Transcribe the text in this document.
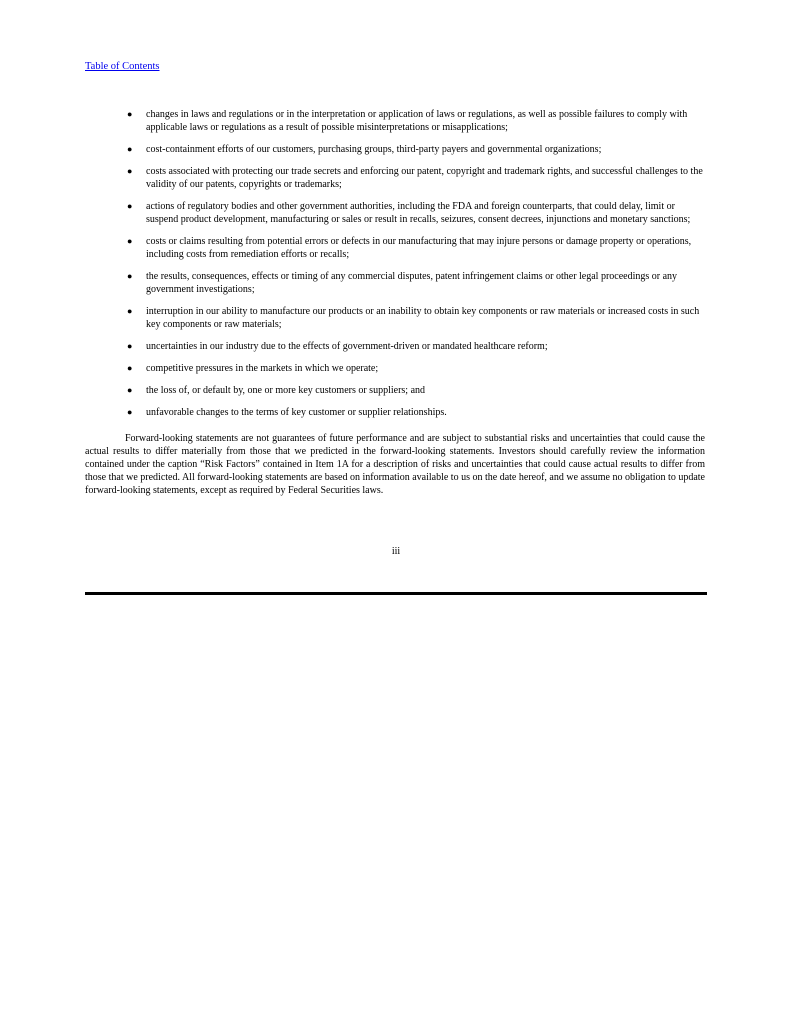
Table of Contents
●	changes in laws and regulations or in the interpretation or application of laws or regulations, as well as possible failures to comply with applicable laws or regulations as a result of possible misinterpretations or misapplications;
●	cost-containment efforts of our customers, purchasing groups, third-party payers and governmental organizations;
●	costs associated with protecting our trade secrets and enforcing our patent, copyright and trademark rights, and successful challenges to the validity of our patents, copyrights or trademarks;
●	actions of regulatory bodies and other government authorities, including the FDA and foreign counterparts, that could delay, limit or suspend product development, manufacturing or sales or result in recalls, seizures, consent decrees, injunctions and monetary sanctions;
●	costs or claims resulting from potential errors or defects in our manufacturing that may injure persons or damage property or operations, including costs from remediation efforts or recalls;
●	the results, consequences, effects or timing of any commercial disputes, patent infringement claims or other legal proceedings or any government investigations;
●	interruption in our ability to manufacture our products or an inability to obtain key components or raw materials or increased costs in such key components or raw materials;
●	uncertainties in our industry due to the effects of government-driven or mandated healthcare reform;
●	competitive pressures in the markets in which we operate;
●	the loss of, or default by, one or more key customers or suppliers; and
●	unfavorable changes to the terms of key customer or supplier relationships.

Forward-looking statements are not guarantees of future performance and are subject to substantial risks and uncertainties that could cause the actual results to differ materially from those that we predicted in the forward-looking statements. Investors should carefully review the information contained under the caption “Risk Factors” contained in Item 1A for a description of risks and uncertainties that could cause actual results to differ from those that we predicted. All forward-looking statements are based on information available to us on the date hereof, and we assume no obligation to update forward-looking statements, except as required by Federal Securities laws.

iii
